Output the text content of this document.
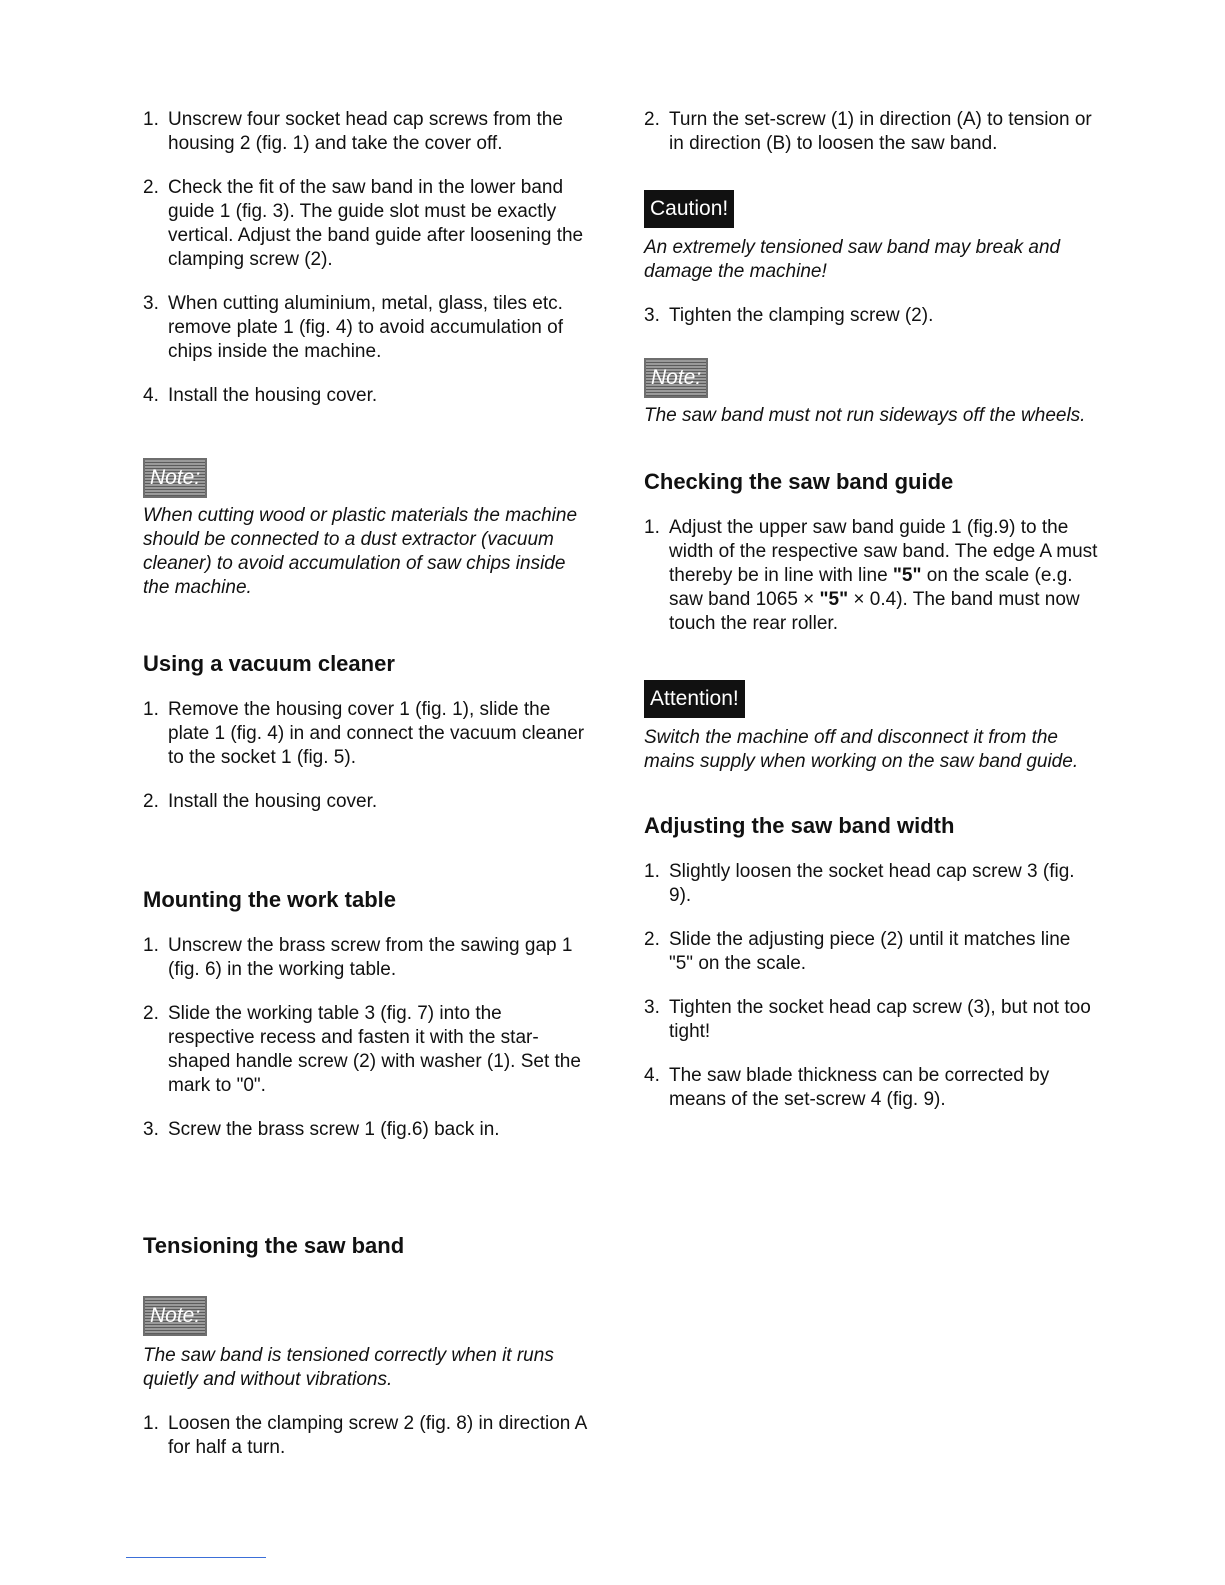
1. Unscrew four socket head cap screws from the housing 2 (fig. 1) and take the cover off.
2. Check the fit of the saw band in the lower band guide 1 (fig. 3). The guide slot must be exactly vertical. Adjust the band guide after loosening the clamping screw (2).
3. When cutting aluminium, metal, glass, tiles etc. remove plate 1 (fig. 4) to avoid accumulation of chips inside the machine.
4. Install the housing cover.
Note:

When cutting wood or plastic materials the machine should be connected to a dust extractor (vacuum cleaner) to avoid accumulation of saw chips inside the machine.

Using a vacuum cleaner
1. Remove the housing cover 1 (fig. 1), slide the plate 1 (fig. 4) in and connect the vacuum cleaner to the socket 1 (fig. 5).
2. Install the housing cover.
Mounting the work table
1. Unscrew the brass screw from the sawing gap 1 (fig. 6) in the working table.
2. Slide the working table 3 (fig. 7) into the respective recess and fasten it with the star-shaped handle screw (2) with washer (1). Set the mark to "0".
3. Screw the brass screw 1 (fig.6) back in.
Tensioning the saw band
Note:

The saw band is tensioned correctly when it runs quietly and without vibrations.

1. Loosen the clamping screw 2 (fig. 8) in direction A for half a turn.
2. Turn the set-screw (1) in direction (A) to tension or in direction (B) to loosen the saw band.
Caution!

An extremely tensioned saw band may break and damage the machine!

3. Tighten the clamping screw (2).
Note:

The saw band must not run sideways off the wheels.

Checking the saw band guide
1. Adjust the upper saw band guide 1 (fig.9) to the width of the respective saw band. The edge A must thereby be in line with line "5" on the scale (e.g. saw band 1065 × "5" × 0.4). The band must now touch the rear roller.
Attention!

Switch the machine off and disconnect it from the mains supply when working on the saw band guide.

Adjusting the saw band width
1. Slightly loosen the socket head cap screw 3 (fig. 9).
2. Slide the adjusting piece (2) until it matches line "5" on the scale.
3. Tighten the socket head cap screw (3), but not too tight!
4. The saw blade thickness can be corrected by means of the set-screw 4 (fig. 9).
